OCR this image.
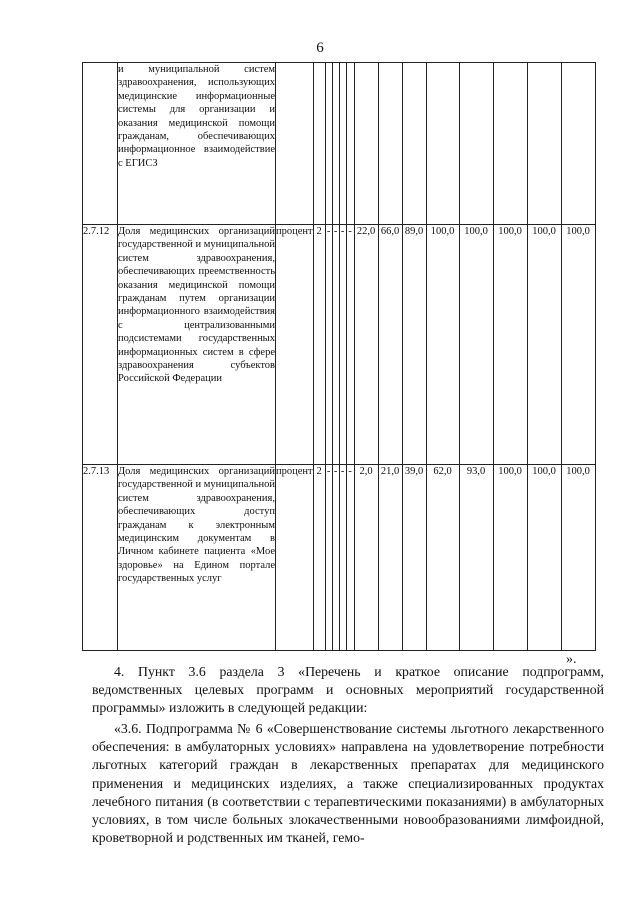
6
	и муниципальной систем здравоохранения, использующих медицинские информационные системы для организации и оказания медицинской помощи гражданам, обеспечивающих информационное взаимодействие с ЕГИСЗ														
2.7.12	Доля медицинских организаций государственной и муниципальной систем здравоохранения, обеспечивающих преемственность оказания медицинской помощи гражданам путем организации информационного взаимодействия с централизованными подсистемами государственных информационных систем в сфере здравоохранения субъектов Российской Федерации	процент	2	-	-	-	-	22,0	66,0	89,0	100,0	100,0	100,0	100,0	100,0
2.7.13	Доля медицинских организаций государственной и муниципальной систем здравоохранения, обеспечивающих доступ гражданам к электронным медицинским документам в Личном кабинете пациента «Мое здоровье» на Едином портале государственных услуг	процент	2	-	-	-	-	2,0	21,0	39,0	62,0	93,0	100,0	100,0	100,0
».

4. Пункт 3.6 раздела 3 «Перечень и краткое описание подпрограмм, ведомственных целевых программ и основных мероприятий государственной программы» изложить в следующей редакции:

«3.6. Подпрограмма № 6 «Совершенствование системы льготного лекарственного обеспечения: в амбулаторных условиях» направлена на удовлетворение потребности льготных категорий граждан в лекарственных препаратах для медицинского применения и медицинских изделиях, а также специализированных продуктах лечебного питания (в соответствии с терапевтическими показаниями) в амбулаторных условиях, в том числе больных злокачественными новообразованиями лимфоидной, кроветворной и родственных им тканей, гемо-
